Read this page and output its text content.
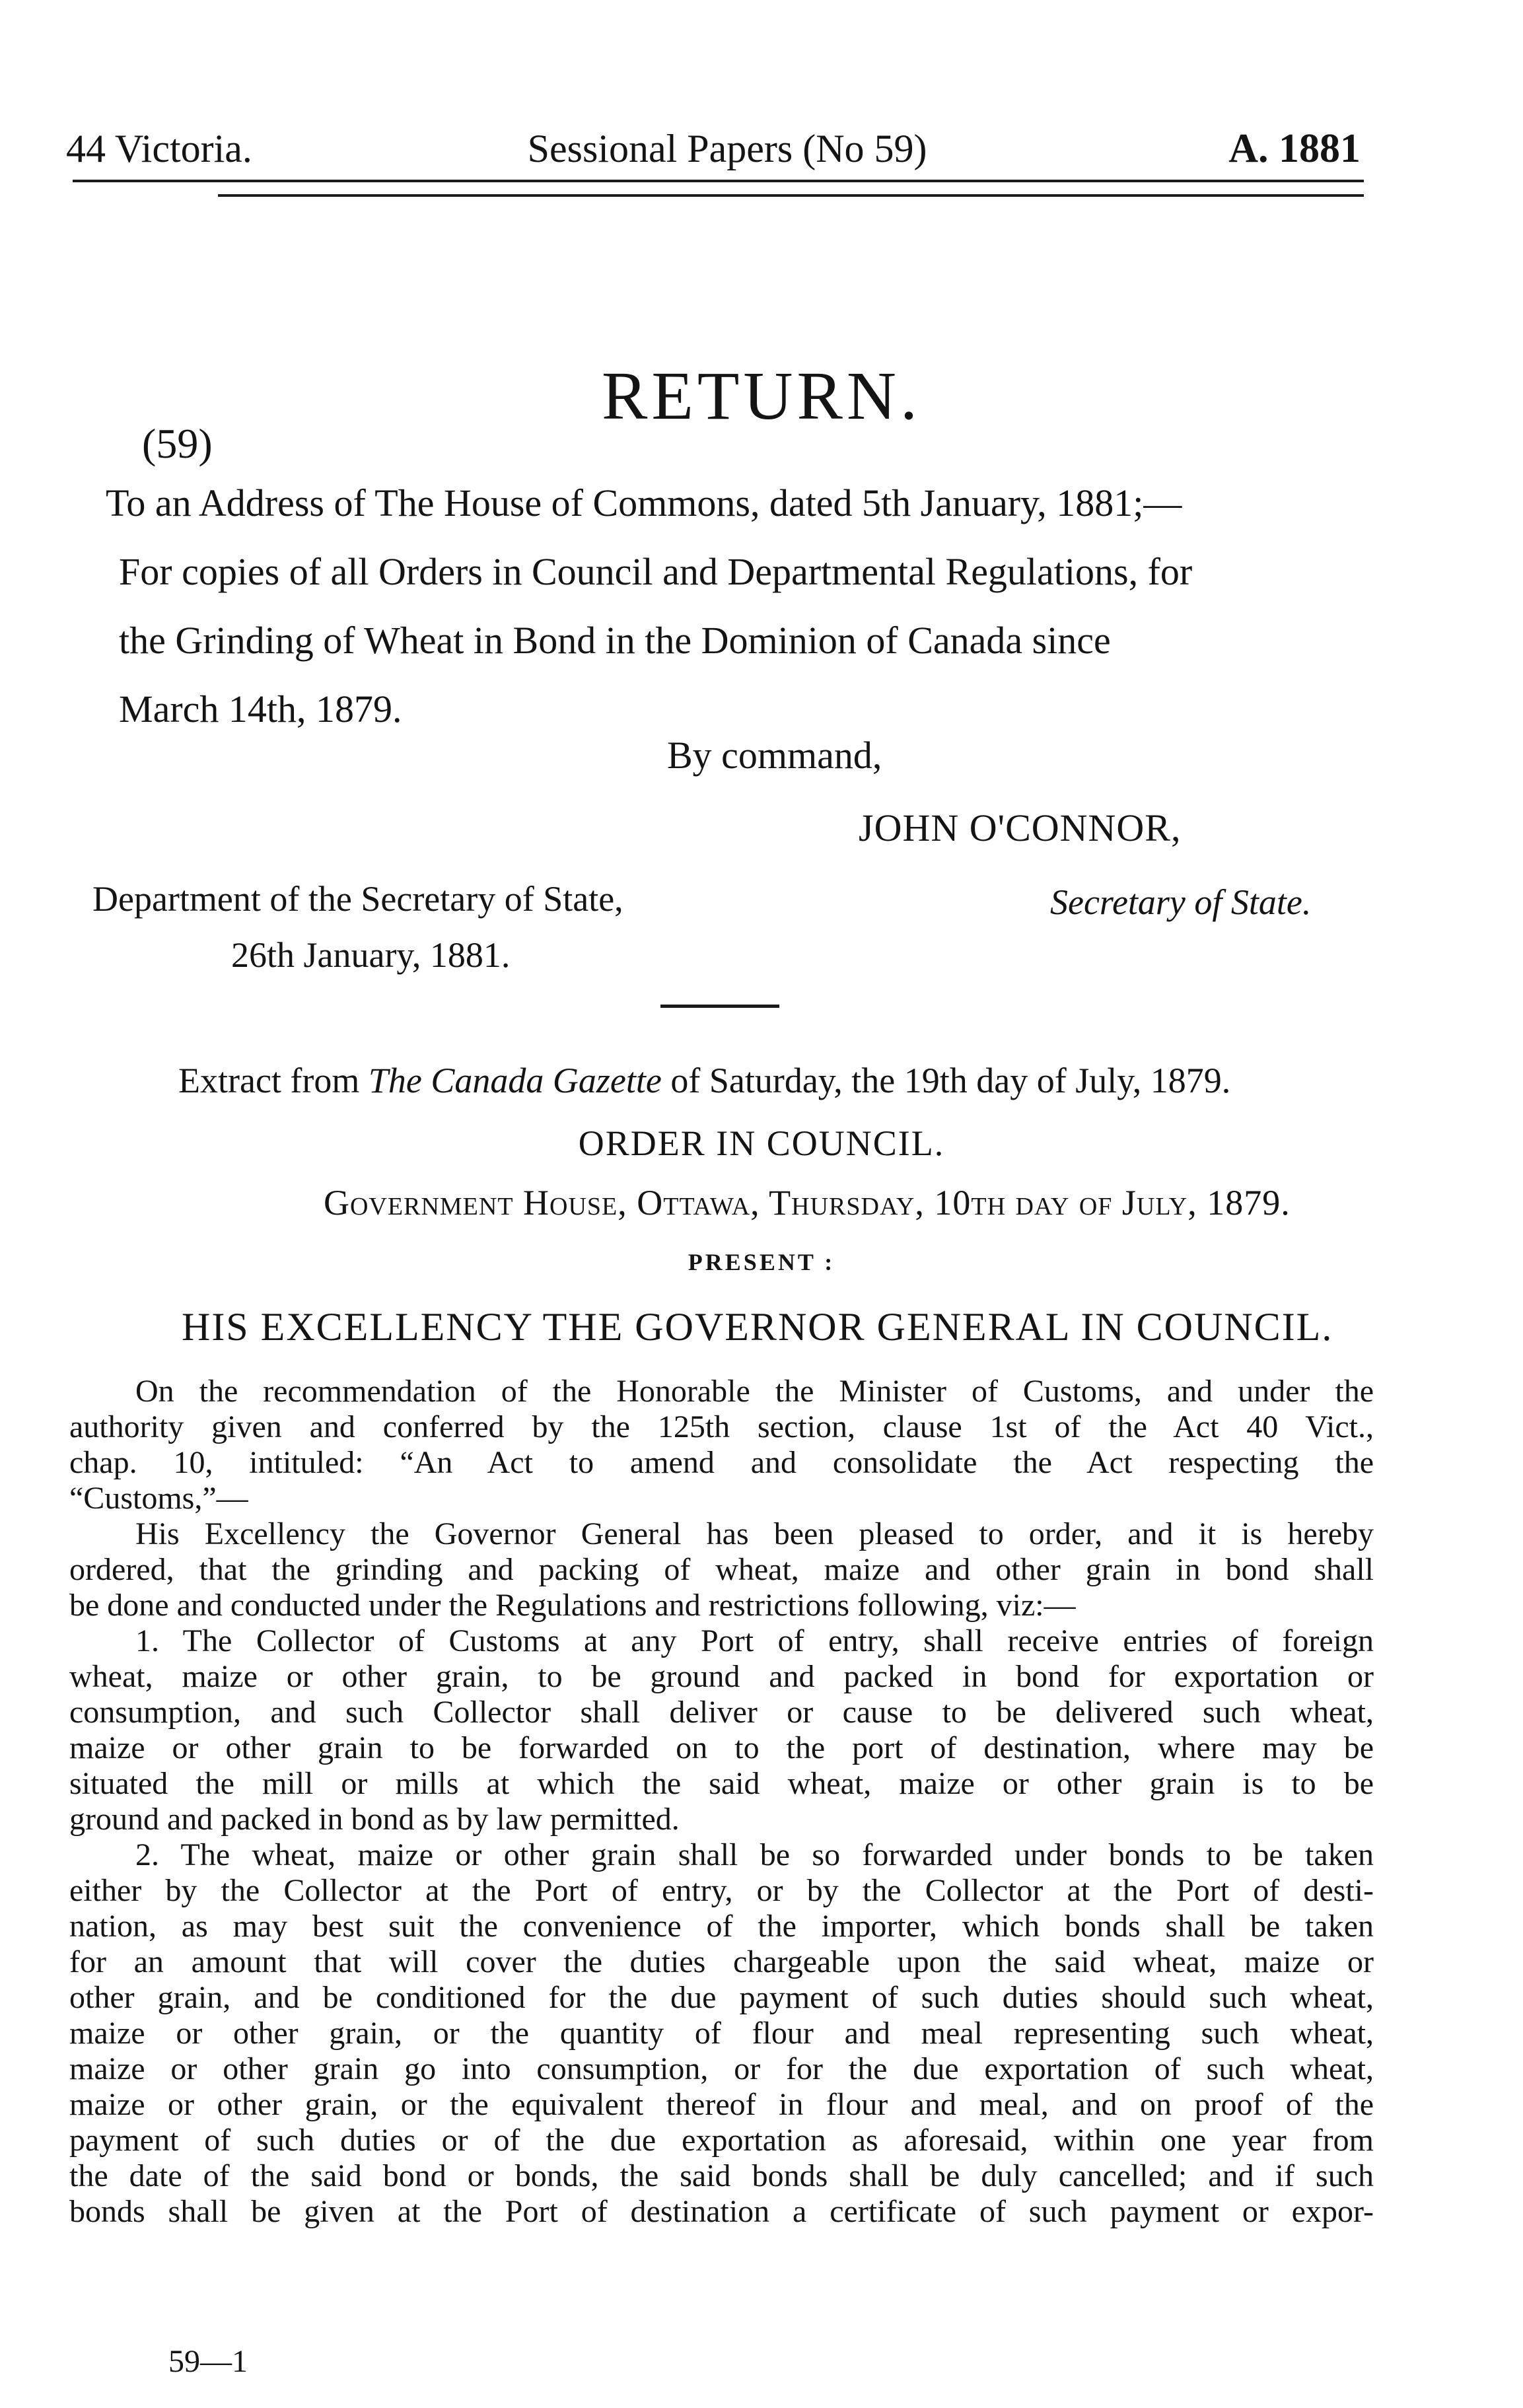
44 Victoria.	Sessional Papers (No 59)	A. 1881
RETURN.
(59)
To an Address of The House of Commons, dated 5th January, 1881;—
For copies of all Orders in Council and Departmental Regulations, for
the Grinding of Wheat in Bond in the Dominion of Canada since
March 14th, 1879.
By command,
JOHN O'CONNOR,
Department of the Secretary of State,	Secretary of State.
26th January, 1881.
Extract from The Canada Gazette of Saturday, the 19th day of July, 1879.
ORDER IN COUNCIL.
Government House, Ottawa, Thursday, 10th day of July, 1879.
PRESENT :
HIS EXCELLENCY THE GOVERNOR GENERAL IN COUNCIL.
On the recommendation of the Honorable the Minister of Customs, and under the
authority given and conferred by the 125th section, clause 1st of the Act 40 Vict.,
chap. 10, intituled: “An Act to amend and consolidate the Act respecting the
“Customs,”—
His Excellency the Governor General has been pleased to order, and it is hereby
ordered, that the grinding and packing of wheat, maize and other grain in bond shall
be done and conducted under the Regulations and restrictions following, viz:—
1. The Collector of Customs at any Port of entry, shall receive entries of foreign
wheat, maize or other grain, to be ground and packed in bond for exportation or
consumption, and such Collector shall deliver or cause to be delivered such wheat,
maize or other grain to be forwarded on to the port of destination, where may be
situated the mill or mills at which the said wheat, maize or other grain is to be
ground and packed in bond as by law permitted.
2. The wheat, maize or other grain shall be so forwarded under bonds to be taken
either by the Collector at the Port of entry, or by the Collector at the Port of desti-
nation, as may best suit the convenience of the importer, which bonds shall be taken
for an amount that will cover the duties chargeable upon the said wheat, maize or
other grain, and be conditioned for the due payment of such duties should such wheat,
maize or other grain, or the quantity of flour and meal representing such wheat,
maize or other grain go into consumption, or for the due exportation of such wheat,
maize or other grain, or the equivalent thereof in flour and meal, and on proof of the
payment of such duties or of the due exportation as aforesaid, within one year from
the date of the said bond or bonds, the said bonds shall be duly cancelled; and if such
bonds shall be given at the Port of destination a certificate of such payment or expor-
59—1
